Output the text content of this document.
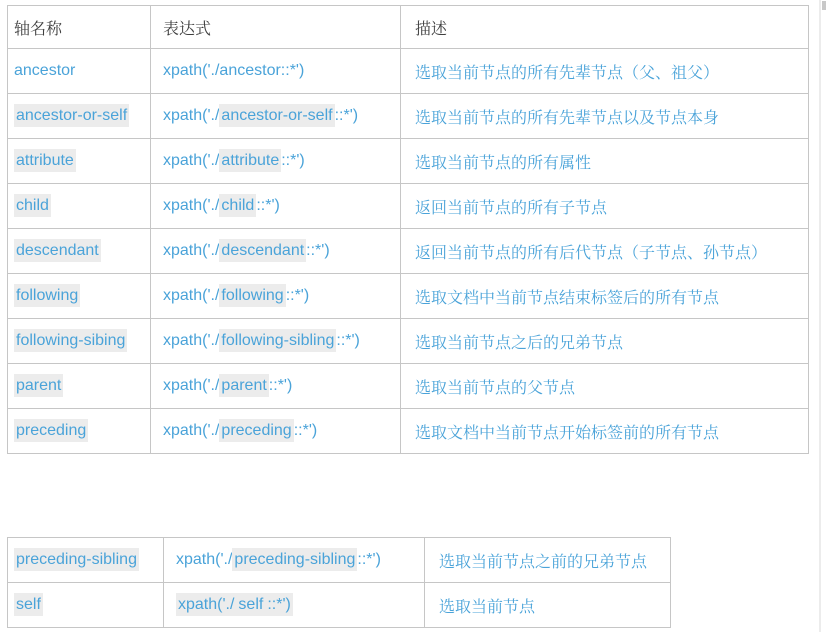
轴名称	表达式	描述
ancestor	xpath('./ancestor::*')	选取当前节点的所有先辈节点（父、祖父）
ancestor-or-self	xpath('./ ancestor-or-self ::*')	选取当前节点的所有先辈节点以及节点本身
attribute	xpath('./ attribute ::*')	选取当前节点的所有属性
child	xpath('./ child ::*')	返回当前节点的所有子节点
descendant	xpath('./ descendant ::*')	返回当前节点的所有后代节点（子节点、孙节点）
following	xpath('./ following ::*')	选取文档中当前节点结束标签后的所有节点
following-sibing	xpath('./ following-sibling ::*')	选取当前节点之后的兄弟节点
parent	xpath('./ parent ::*')	选取当前节点的父节点
preceding	xpath('./ preceding ::*')	选取文档中当前节点开始标签前的所有节点
preceding-sibling	xpath('./ preceding-sibling ::*')	选取当前节点之前的兄弟节点
self	xpath('./ self ::*')	选取当前节点
